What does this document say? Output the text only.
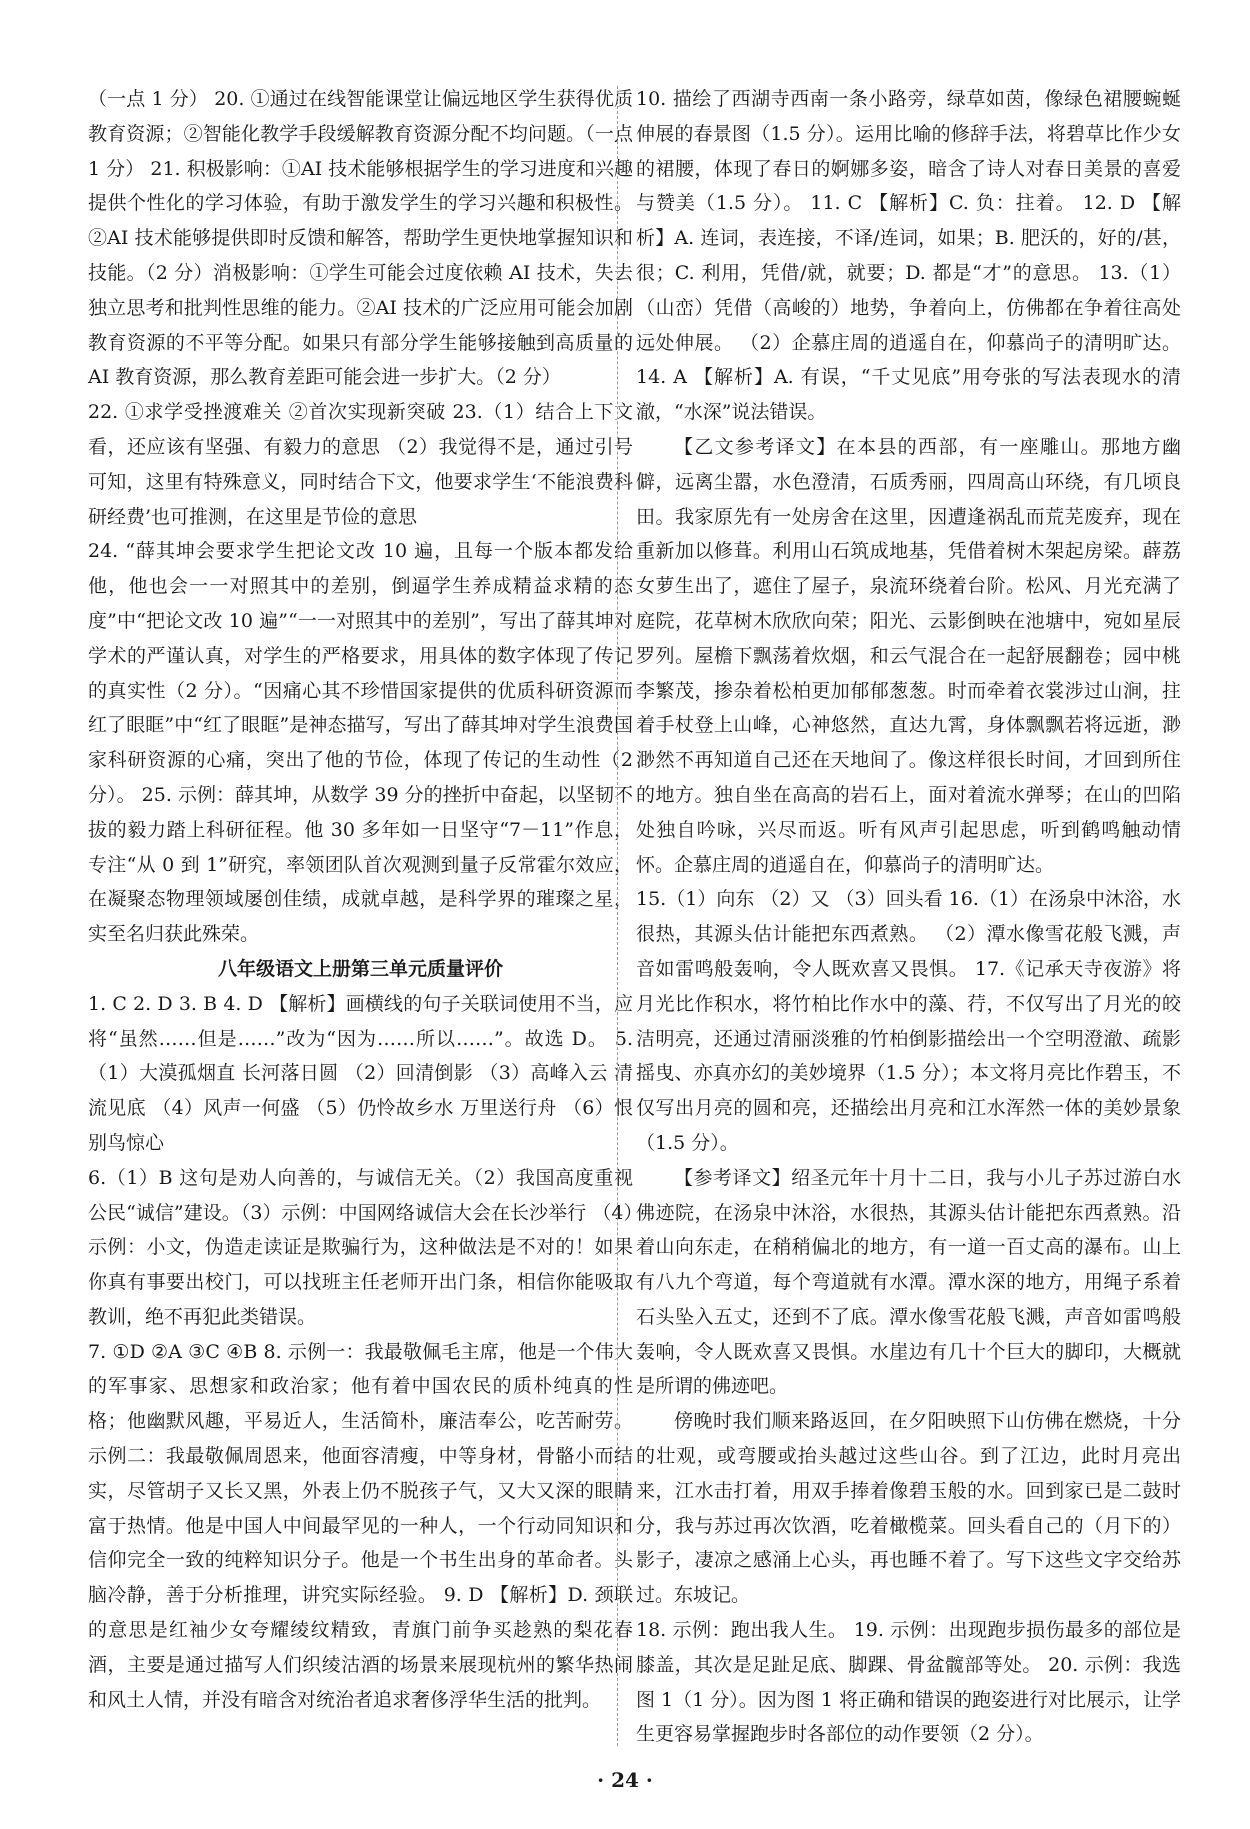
（一点 1 分） 20. ①通过在线智能课堂让偏远地区学生获得优质教育资源；②智能化教学手段缓解教育资源分配不均问题。（一点 1 分） 21. 积极影响：①AI 技术能够根据学生的学习进度和兴趣提供个性化的学习体验，有助于激发学生的学习兴趣和积极性。②AI 技术能够提供即时反馈和解答，帮助学生更快地掌握知识和技能。（2 分）消极影响：①学生可能会过度依赖 AI 技术，失去独立思考和批判性思维的能力。②AI 技术的广泛应用可能会加剧教育资源的不平等分配。如果只有部分学生能够接触到高质量的 AI 教育资源，那么教育差距可能会进一步扩大。（2 分）

22. ①求学受挫渡难关 ②首次实现新突破 23.（1）结合上下文看，还应该有坚强、有毅力的意思 （2）我觉得不是，通过引号可知，这里有特殊意义，同时结合下文，他要求学生‘不能浪费科研经费’也可推测，在这里是节俭的意思

24. “薛其坤会要求学生把论文改 10 遍，且每一个版本都发给他，他也会一一对照其中的差别，倒逼学生养成精益求精的态度”中“把论文改 10 遍”“一一对照其中的差别”，写出了薛其坤对学术的严谨认真，对学生的严格要求，用具体的数字体现了传记的真实性（2 分）。“因痛心其不珍惜国家提供的优质科研资源而红了眼眶”中“红了眼眶”是神态描写，写出了薛其坤对学生浪费国家科研资源的心痛，突出了他的节俭，体现了传记的生动性（2 分）。 25. 示例：薛其坤，从数学 39 分的挫折中奋起，以坚韧不拔的毅力踏上科研征程。他 30 多年如一日坚守“7－11”作息，专注“从 0 到 1”研究，率领团队首次观测到量子反常霍尔效应，在凝聚态物理领域屡创佳绩，成就卓越，是科学界的璀璨之星，实至名归获此殊荣。

八年级语文上册第三单元质量评价

1. C 2. D 3. B 4. D 【解析】画横线的句子关联词使用不当，应将“虽然……但是……”改为“因为……所以……”。故选 D。 5.（1）大漠孤烟直 长河落日圆 （2）回清倒影 （3）高峰入云 清流见底 （4）风声一何盛 （5）仍怜故乡水 万里送行舟 （6）恨别鸟惊心

6.（1）B 这句是劝人向善的，与诚信无关。（2）我国高度重视公民“诚信”建设。（3）示例：中国网络诚信大会在长沙举行 （4）示例：小文，伪造走读证是欺骗行为，这种做法是不对的！如果你真有事要出校门，可以找班主任老师开出门条，相信你能吸取教训，绝不再犯此类错误。

7. ①D ②A ③C ④B 8. 示例一：我最敬佩毛主席，他是一个伟大的军事家、思想家和政治家；他有着中国农民的质朴纯真的性格；他幽默风趣，平易近人，生活简朴，廉洁奉公，吃苦耐劳。示例二：我最敬佩周恩来，他面容清瘦，中等身材，骨骼小而结实，尽管胡子又长又黑，外表上仍不脱孩子气，又大又深的眼睛富于热情。他是中国人中间最罕见的一种人，一个行动同知识和信仰完全一致的纯粹知识分子。他是一个书生出身的革命者。头脑冷静，善于分析推理，讲究实际经验。 9. D 【解析】D. 颈联的意思是红袖少女夸耀绫纹精致，青旗门前争买趁熟的梨花春酒，主要是通过描写人们织绫沽酒的场景来展现杭州的繁华热闹和风土人情，并没有暗含对统治者追求奢侈浮华生活的批判。

10. 描绘了西湖寺西南一条小路旁，绿草如茵，像绿色裙腰蜿蜒伸展的春景图（1.5 分）。运用比喻的修辞手法，将碧草比作少女的裙腰，体现了春日的婀娜多姿，暗含了诗人对春日美景的喜爱与赞美（1.5 分）。 11. C 【解析】C. 负：拄着。 12. D 【解析】A. 连词，表连接，不译/连词，如果；B. 肥沃的，好的/甚，很；C. 利用，凭借/就，就要；D. 都是“才”的意思。 13.（1）（山峦）凭借（高峻的）地势，争着向上，仿佛都在争着往高处远处伸展。 （2）企慕庄周的逍遥自在，仰慕尚子的清明旷达。 14. A 【解析】A. 有误，“千丈见底”用夸张的写法表现水的清澈，“水深”说法错误。

【乙文参考译文】在本县的西部，有一座雕山。那地方幽僻，远离尘嚣，水色澄清，石质秀丽，四周高山环绕，有几顷良田。我家原先有一处房舍在这里，因遭逢祸乱而荒芜废弃，现在重新加以修葺。利用山石筑成地基，凭借着树木架起房梁。薜荔女萝生出了，遮住了屋子，泉流环绕着台阶。松风、月光充满了庭院，花草树木欣欣向荣；阳光、云影倒映在池塘中，宛如星辰罗列。屋檐下飘荡着炊烟，和云气混合在一起舒展翻卷；园中桃李繁茂，掺杂着松柏更加郁郁葱葱。时而牵着衣裳涉过山涧，拄着手杖登上山峰，心神悠然，直达九霄，身体飘飘若将远逝，渺渺然不再知道自己还在天地间了。像这样很长时间，才回到所住的地方。独自坐在高高的岩石上，面对着流水弹琴；在山的凹陷处独自吟咏，兴尽而返。听有风声引起思虑，听到鹤鸣触动情怀。企慕庄周的逍遥自在，仰慕尚子的清明旷达。

15.（1）向东 （2）又 （3）回头看 16.（1）在汤泉中沐浴，水很热，其源头估计能把东西煮熟。 （2）潭水像雪花般飞溅，声音如雷鸣般轰响，令人既欢喜又畏惧。 17.《记承天寺夜游》将月光比作积水，将竹柏比作水中的藻、荇，不仅写出了月光的皎洁明亮，还通过清丽淡雅的竹柏倒影描绘出一个空明澄澈、疏影摇曳、亦真亦幻的美妙境界（1.5 分）；本文将月亮比作碧玉，不仅写出月亮的圆和亮，还描绘出月亮和江水浑然一体的美妙景象（1.5 分）。

【参考译文】绍圣元年十月十二日，我与小儿子苏过游白水佛迹院，在汤泉中沐浴，水很热，其源头估计能把东西煮熟。沿着山向东走，在稍稍偏北的地方，有一道一百丈高的瀑布。山上有八九个弯道，每个弯道就有水潭。潭水深的地方，用绳子系着石头坠入五丈，还到不了底。潭水像雪花般飞溅，声音如雷鸣般轰响，令人既欢喜又畏惧。水崖边有几十个巨大的脚印，大概就是所谓的佛迹吧。

傍晚时我们顺来路返回，在夕阳映照下山仿佛在燃烧，十分的壮观，或弯腰或抬头越过这些山谷。到了江边，此时月亮出来，江水击打着，用双手捧着像碧玉般的水。回到家已是二鼓时分，我与苏过再次饮酒，吃着橄榄菜。回头看自己的（月下的）影子，凄凉之感涌上心头，再也睡不着了。写下这些文字交给苏过。东坡记。

18. 示例：跑出我人生。 19. 示例：出现跑步损伤最多的部位是膝盖，其次是足趾足底、脚踝、骨盆髋部等处。 20. 示例：我选图 1（1 分）。因为图 1 将正确和错误的跑姿进行对比展示，让学生更容易掌握跑步时各部位的动作要领（2 分）。

· 24 ·
